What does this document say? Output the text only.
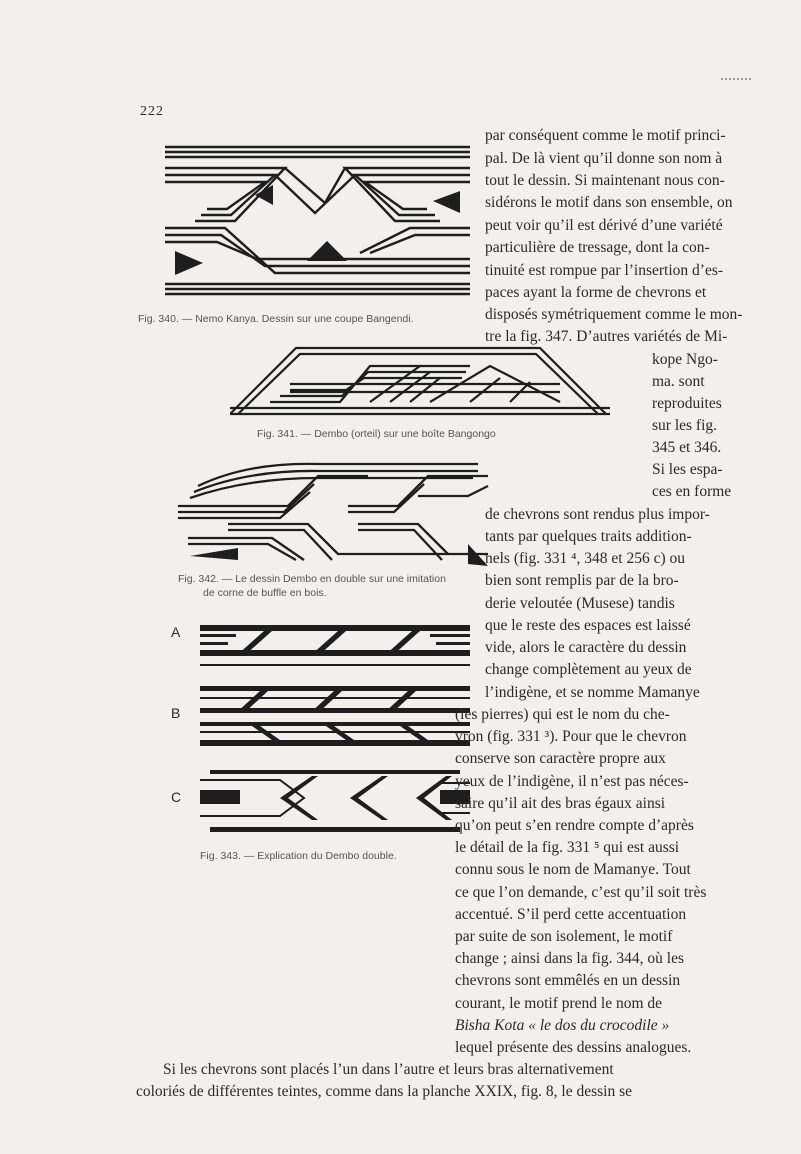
222
Fig. 340. — Nemo Kanya. Dessin sur une coupe Bangendi.
Fig. 341. — Dembo (orteil) sur une boîte Bangongo
Fig. 342. — Le dessin Dembo en double sur une imitation
de corne de buffle en bois.
A
B
C
Fig. 343. — Explication du Dembo double.
par conséquent comme le motif princi-
pal. De là vient qu’il donne son nom à
tout le dessin. Si maintenant nous con-
sidérons le motif dans son ensemble, on
peut voir qu’il est dérivé d’une variété
particulière de tressage, dont la con-
tinuité est rompue par l’insertion d’es-
paces ayant la forme de chevrons et
disposés symétriquement comme le mon-
tre la fig. 347. D’autres variétés de Mi-
kope Ngo-
ma. sont
reproduites
sur les fig.
345 et 346.
Si les espa-
ces en forme
de chevrons sont rendus plus impor-
tants par quelques traits addition-
nels (fig. 331 ⁴, 348 et 256 c) ou
bien sont remplis par de la bro-
derie veloutée (Musese) tandis
que le reste des espaces est laissé
vide, alors le caractère du dessin
change complètement au yeux de
l’indigène, et se nomme Mamanye
(les pierres) qui est le nom du che-
vron (fig. 331 ³). Pour que le chevron
conserve son caractère propre aux
yeux de l’indigène, il n’est pas néces-
saire qu’il ait des bras égaux ainsi
qu’on peut s’en rendre compte d’après
le détail de la fig. 331 ⁵ qui est aussi
connu sous le nom de Mamanye. Tout
ce que l’on demande, c’est qu’il soit très
accentué. S’il perd cette accentuation
par suite de son isolement, le motif
change ; ainsi dans la fig. 344, où les
chevrons sont emmêlés en un dessin
courant, le motif prend le nom de
Bisha Kota « le dos du crocodile »
lequel présente des dessins analogues.
Si les chevrons sont placés l’un dans l’autre et leurs bras alternativement
coloriés de différentes teintes, comme dans la planche XXIX, fig. 8, le dessin se
